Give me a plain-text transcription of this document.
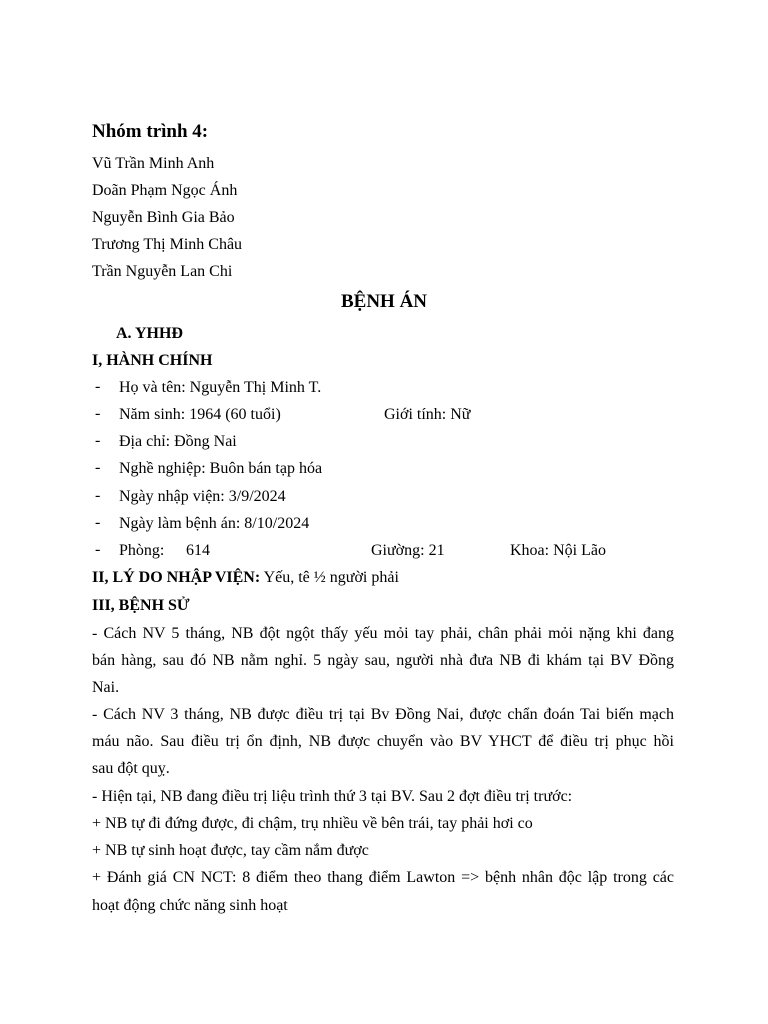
Nhóm trình 4:
Vũ Trần Minh Anh
Doãn Phạm Ngọc Ánh
Nguyễn Bình Gia Bảo
Trương Thị Minh Châu
Trần Nguyễn Lan Chi
BỆNH ÁN
A. YHHĐ
I, HÀNH CHÍNH
- Họ và tên: Nguyễn Thị Minh T.
- Năm sinh: 1964 (60 tuổi)	Giới tính: Nữ
- Địa chỉ: Đồng Nai
- Nghề nghiệp: Buôn bán tạp hóa
- Ngày nhập viện: 3/9/2024
- Ngày làm bệnh án: 8/10/2024
- Phòng: 614	Giường: 21	Khoa: Nội Lão
II, LÝ DO NHẬP VIỆN: Yếu, tê ½ người phải
III, BỆNH SỬ
- Cách NV 5 tháng, NB đột ngột thấy yếu mỏi tay phải, chân phải mỏi nặng khi đang
bán hàng, sau đó NB nằm nghỉ. 5 ngày sau, người nhà đưa NB đi khám tại BV Đồng
Nai.
- Cách NV 3 tháng, NB được điều trị tại Bv Đồng Nai, được chẩn đoán Tai biến mạch
máu não. Sau điều trị ổn định, NB được chuyển vào BV YHCT để điều trị phục hồi
sau đột quỵ.
- Hiện tại, NB đang điều trị liệu trình thứ 3 tại BV. Sau 2 đợt điều trị trước:
+ NB tự đi đứng được, đi chậm, trụ nhiều về bên trái, tay phải hơi co
+ NB tự sinh hoạt được, tay cầm nắm được
+ Đánh giá CN NCT: 8 điểm theo thang điểm Lawton => bệnh nhân độc lập trong các
hoạt động chức năng sinh hoạt
